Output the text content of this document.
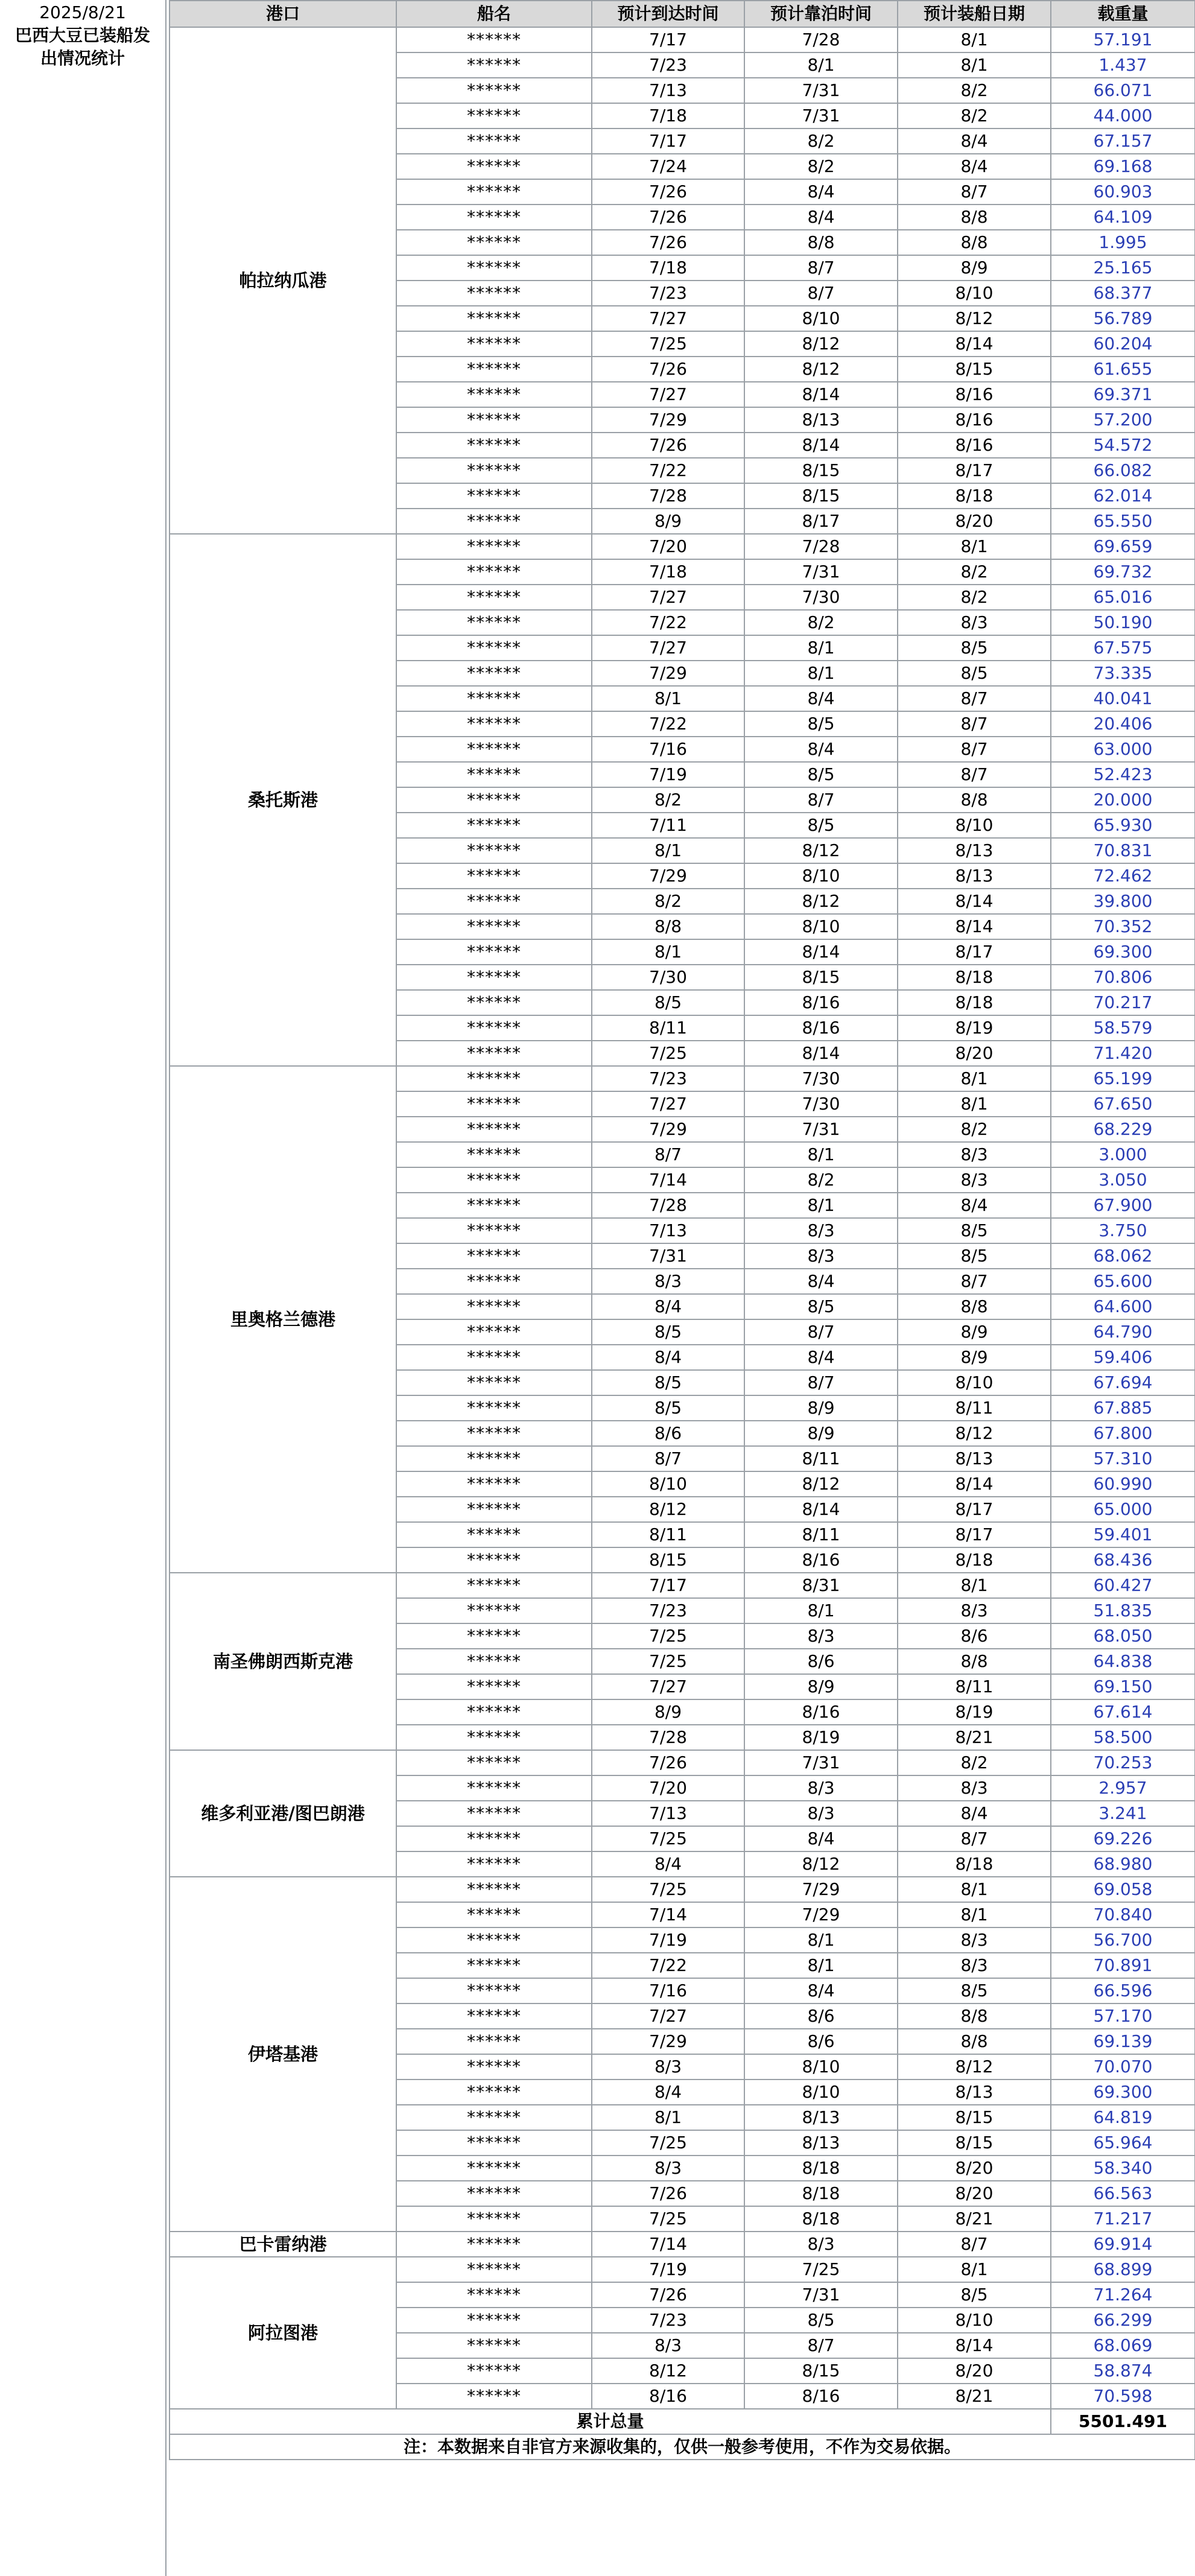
2025/8/21
巴西大豆已装船发
出情况统计
港口	船名	预计到达时间	预计靠泊时间	预计装船日期	载重量
帕拉纳瓜港	******	7/17	7/28	8/1	57.191
	******	7/23	8/1	8/1	1.437
	******	7/13	7/31	8/2	66.071
	******	7/18	7/31	8/2	44.000
	******	7/17	8/2	8/4	67.157
	******	7/24	8/2	8/4	69.168
	******	7/26	8/4	8/7	60.903
	******	7/26	8/4	8/8	64.109
	******	7/26	8/8	8/8	1.995
	******	7/18	8/7	8/9	25.165
	******	7/23	8/7	8/10	68.377
	******	7/27	8/10	8/12	56.789
	******	7/25	8/12	8/14	60.204
	******	7/26	8/12	8/15	61.655
	******	7/27	8/14	8/16	69.371
	******	7/29	8/13	8/16	57.200
	******	7/26	8/14	8/16	54.572
	******	7/22	8/15	8/17	66.082
	******	7/28	8/15	8/18	62.014
	******	8/9	8/17	8/20	65.550
桑托斯港	******	7/20	7/28	8/1	69.659
	******	7/18	7/31	8/2	69.732
	******	7/27	7/30	8/2	65.016
	******	7/22	8/2	8/3	50.190
	******	7/27	8/1	8/5	67.575
	******	7/29	8/1	8/5	73.335
	******	8/1	8/4	8/7	40.041
	******	7/22	8/5	8/7	20.406
	******	7/16	8/4	8/7	63.000
	******	7/19	8/5	8/7	52.423
	******	8/2	8/7	8/8	20.000
	******	7/11	8/5	8/10	65.930
	******	8/1	8/12	8/13	70.831
	******	7/29	8/10	8/13	72.462
	******	8/2	8/12	8/14	39.800
	******	8/8	8/10	8/14	70.352
	******	8/1	8/14	8/17	69.300
	******	7/30	8/15	8/18	70.806
	******	8/5	8/16	8/18	70.217
	******	8/11	8/16	8/19	58.579
	******	7/25	8/14	8/20	71.420
里奥格兰德港	******	7/23	7/30	8/1	65.199
	******	7/27	7/30	8/1	67.650
	******	7/29	7/31	8/2	68.229
	******	8/7	8/1	8/3	3.000
	******	7/14	8/2	8/3	3.050
	******	7/28	8/1	8/4	67.900
	******	7/13	8/3	8/5	3.750
	******	7/31	8/3	8/5	68.062
	******	8/3	8/4	8/7	65.600
	******	8/4	8/5	8/8	64.600
	******	8/5	8/7	8/9	64.790
	******	8/4	8/4	8/9	59.406
	******	8/5	8/7	8/10	67.694
	******	8/5	8/9	8/11	67.885
	******	8/6	8/9	8/12	67.800
	******	8/7	8/11	8/13	57.310
	******	8/10	8/12	8/14	60.990
	******	8/12	8/14	8/17	65.000
	******	8/11	8/11	8/17	59.401
	******	8/15	8/16	8/18	68.436
南圣佛朗西斯克港	******	7/17	8/31	8/1	60.427
	******	7/23	8/1	8/3	51.835
	******	7/25	8/3	8/6	68.050
	******	7/25	8/6	8/8	64.838
	******	7/27	8/9	8/11	69.150
	******	8/9	8/16	8/19	67.614
	******	7/28	8/19	8/21	58.500
维多利亚港/图巴朗港	******	7/26	7/31	8/2	70.253
	******	7/20	8/3	8/3	2.957
	******	7/13	8/3	8/4	3.241
	******	7/25	8/4	8/7	69.226
	******	8/4	8/12	8/18	68.980
伊塔基港	******	7/25	7/29	8/1	69.058
	******	7/14	7/29	8/1	70.840
	******	7/19	8/1	8/3	56.700
	******	7/22	8/1	8/3	70.891
	******	7/16	8/4	8/5	66.596
	******	7/27	8/6	8/8	57.170
	******	7/29	8/6	8/8	69.139
	******	8/3	8/10	8/12	70.070
	******	8/4	8/10	8/13	69.300
	******	8/1	8/13	8/15	64.819
	******	7/25	8/13	8/15	65.964
	******	8/3	8/18	8/20	58.340
	******	7/26	8/18	8/20	66.563
	******	7/25	8/18	8/21	71.217
巴卡雷纳港	******	7/14	8/3	8/7	69.914
阿拉图港	******	7/19	7/25	8/1	68.899
	******	7/26	7/31	8/5	71.264
	******	7/23	8/5	8/10	66.299
	******	8/3	8/7	8/14	68.069
	******	8/12	8/15	8/20	58.874
	******	8/16	8/16	8/21	70.598
累计总量					5501.491
注：本数据来自非官方来源收集的，仅供一般参考使用，不作为交易依据。					
